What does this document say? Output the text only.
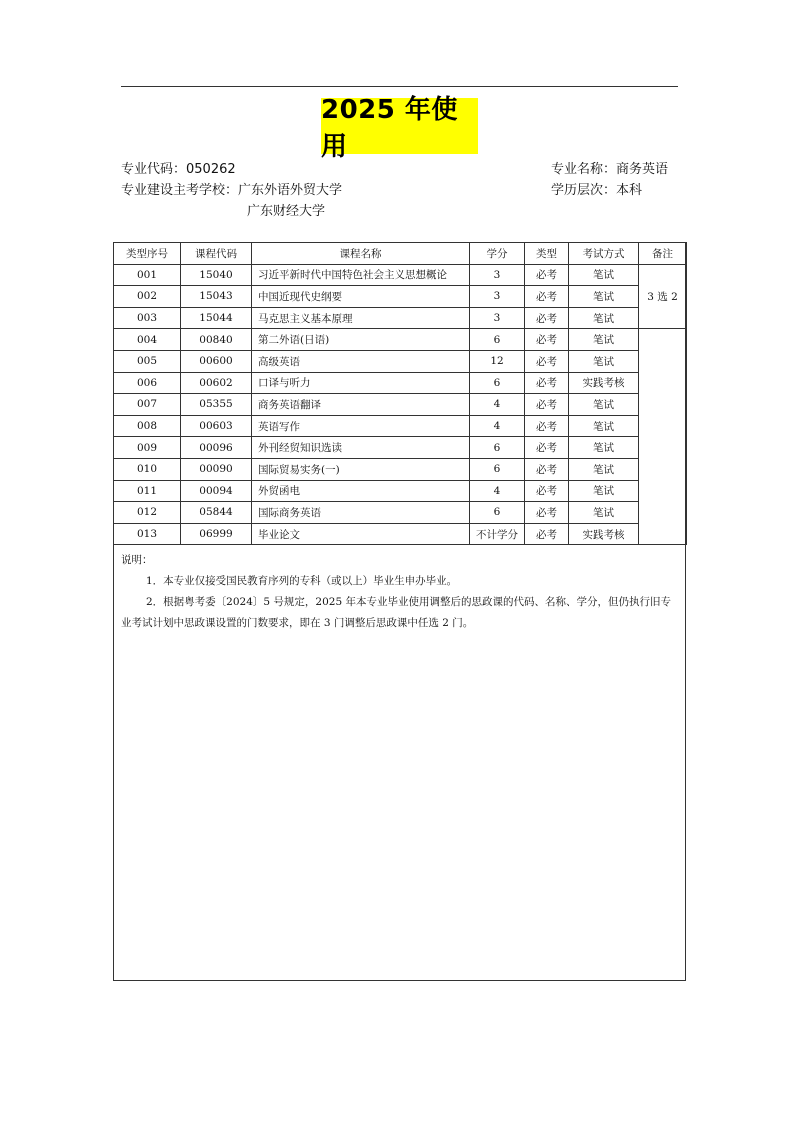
2025 年使用
专业代码：050262
专业建设主考学校：广东外语外贸大学
广东财经大学
专业名称：商务英语
学历层次：本科
类型序号	课程代码	课程名称	学分	类型	考试方式	备注
001	15040	习近平新时代中国特色社会主义思想概论	3	必考	笔试	3 选 2
002	15043	中国近现代史纲要	3	必考	笔试	
003	15044	马克思主义基本原理	3	必考	笔试	
004	00840	第二外语(日语)	6	必考	笔试	
005	00600	高级英语	12	必考	笔试	
006	00602	口译与听力	6	必考	实践考核	
007	05355	商务英语翻译	4	必考	笔试	
008	00603	英语写作	4	必考	笔试	
009	00096	外刊经贸知识选读	6	必考	笔试	
010	00090	国际贸易实务(一)	6	必考	笔试	
011	00094	外贸函电	4	必考	笔试	
012	05844	国际商务英语	6	必考	笔试	
013	06999	毕业论文	不计学分	必考	实践考核	

说明：

1．本专业仅接受国民教育序列的专科（或以上）毕业生申办毕业。

2．根据粤考委〔2024〕5 号规定，2025 年本专业毕业使用调整后的思政课的代码、名称、学分，但仍执行旧专业考试计划中思政课设置的门数要求，即在 3 门调整后思政课中任选 2 门。
